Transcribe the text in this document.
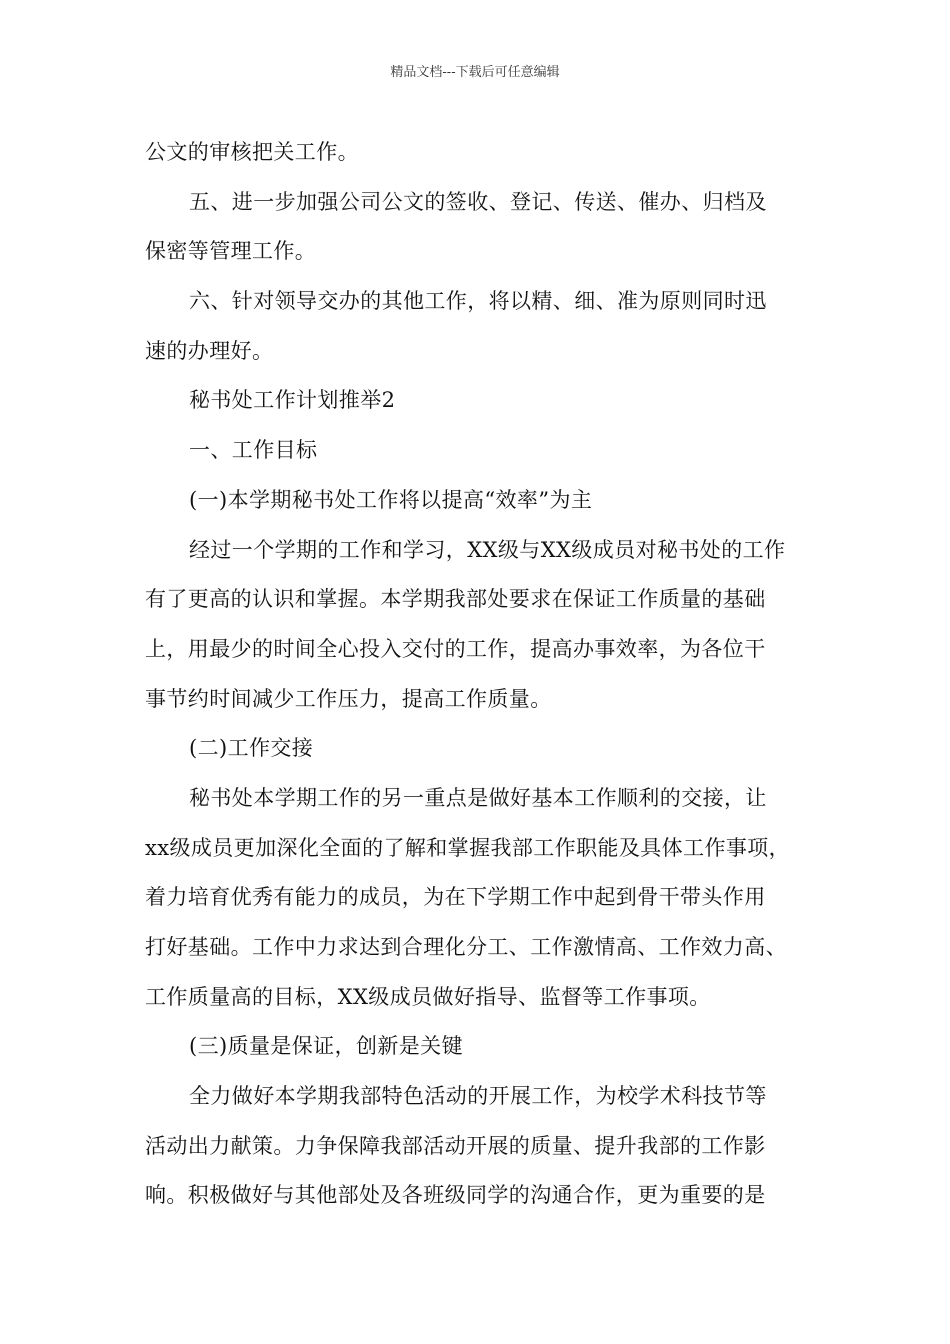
精品文档---下载后可任意编辑
公文的审核把关工作。
五、进一步加强公司公文的签收、登记、传送、催办、归档及
保密等管理工作。
六、针对领导交办的其他工作，将以精、细、准为原则同时迅
速的办理好。
秘书处工作计划推举2
一、工作目标
(一)本学期秘书处工作将以提高“效率”为主
经过一个学期的工作和学习，XX级与XX级成员对秘书处的工作
有了更高的认识和掌握。本学期我部处要求在保证工作质量的基础
上，用最少的时间全心投入交付的工作，提高办事效率，为各位干
事节约时间减少工作压力，提高工作质量。
(二)工作交接
秘书处本学期工作的另一重点是做好基本工作顺利的交接，让
xx级成员更加深化全面的了解和掌握我部工作职能及具体工作事项，
着力培育优秀有能力的成员，为在下学期工作中起到骨干带头作用
打好基础。工作中力求达到合理化分工、工作激情高、工作效力高、
工作质量高的目标，XX级成员做好指导、监督等工作事项。
(三)质量是保证，创新是关键
全力做好本学期我部特色活动的开展工作，为校学术科技节等
活动出力献策。力争保障我部活动开展的质量、提升我部的工作影
响。积极做好与其他部处及各班级同学的沟通合作，更为重要的是
